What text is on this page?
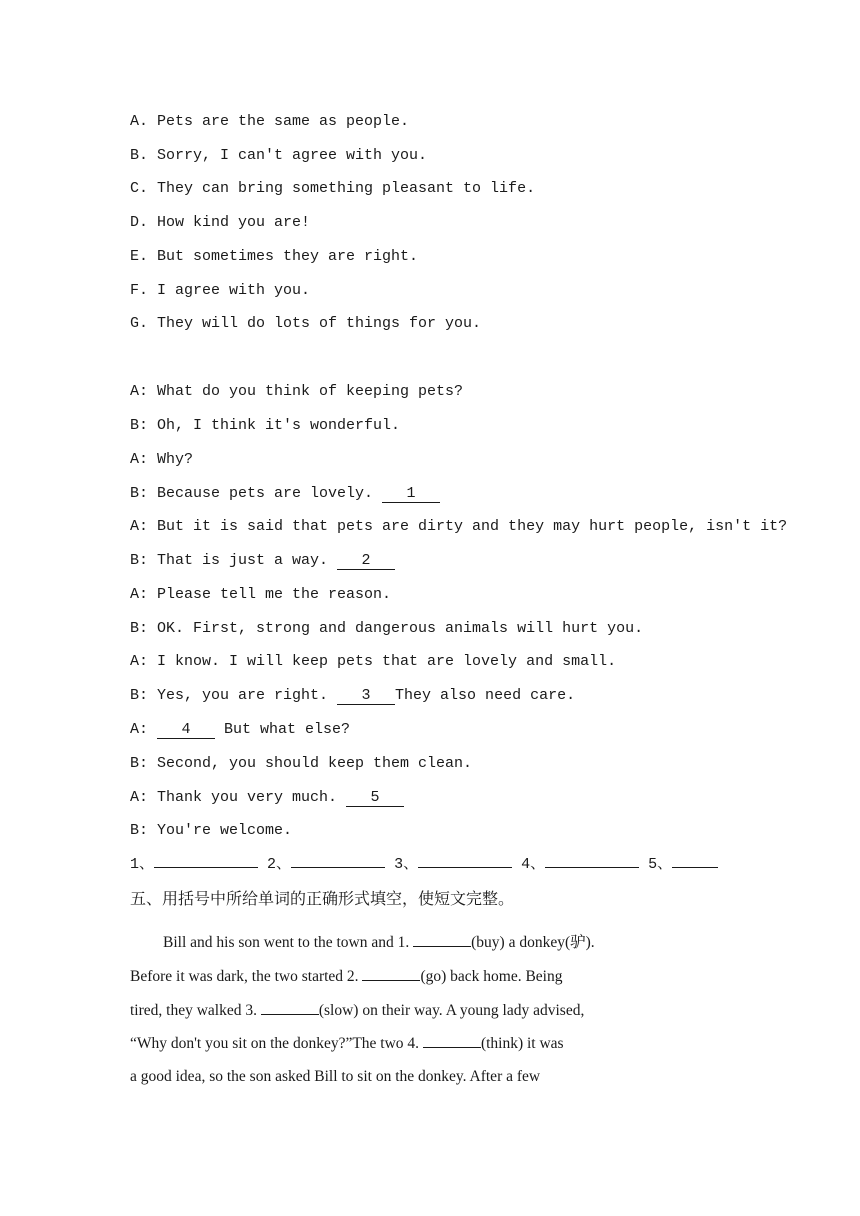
A. Pets are the same as people.
B. Sorry, I can't agree with you.
C. They can bring something pleasant to life.
D. How kind you are!
E. But sometimes they are right.
F. I agree with you.
G. They will do lots of things for you.
A: What do you think of keeping pets?
B: Oh, I think it's wonderful.
A: Why?
B: Because pets are lovely. 1
A: But it is said that pets are dirty and they may hurt people, isn't it?
B: That is just a way. 2
A: Please tell me the reason.
B: OK. First, strong and dangerous animals will hurt you.
A: I know. I will keep pets that are lovely and small.
B: Yes, you are right. 3 They also need care.
A: 4 But what else?
B: Second, you should keep them clean.
A: Thank you very much. 5
B: You're welcome.
1、	2、	3、	4、	5、
五、用括号中所给单词的正确形式填空，使短文完整。
Bill and his son went to the town and 1.	(buy) a donkey(驴).
Before it was dark, the two started 2.	(go) back home. Being
tired, they walked 3.	(slow) on their way. A young lady advised,
“Why don't you sit on the donkey?”The two 4.	(think) it was
a good idea, so the son asked Bill to sit on the donkey. After a few
